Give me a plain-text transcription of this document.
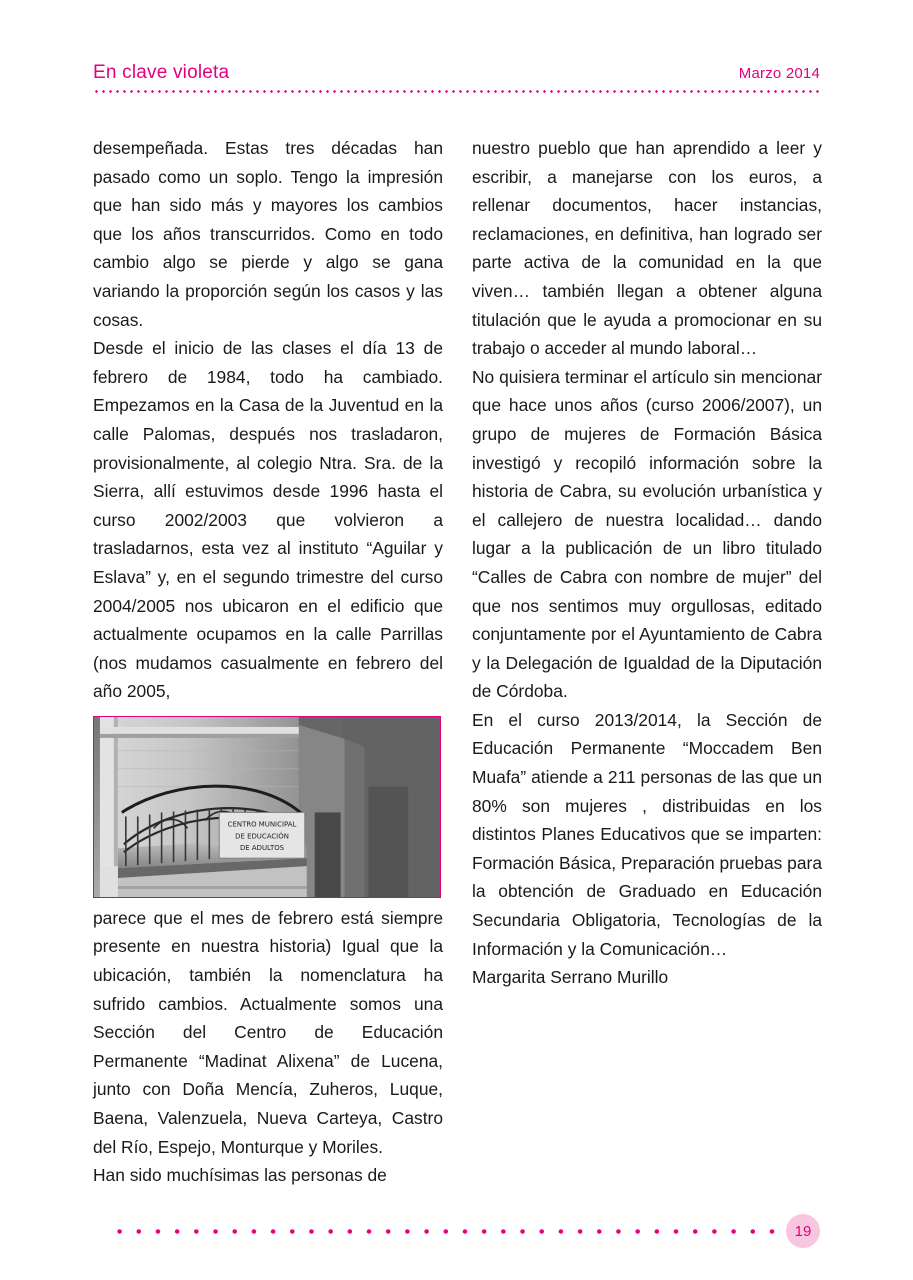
En clave violeta	Marzo 2014

desempeñada. Estas tres décadas han pasado como un soplo. Tengo la impresión que han sido más y mayores los cambios que los años transcurridos. Como en todo cambio algo se pierde y algo se gana variando la proporción según los casos y las cosas.

Desde el inicio de las clases el día 13 de febrero de 1984, todo ha cambiado. Empezamos en la Casa de la Juventud en la calle Palomas, después nos trasladaron, provisionalmente, al colegio Ntra. Sra. de la Sierra, allí estuvimos desde 1996 hasta el curso 2002/2003 que volvieron a trasladarnos, esta vez al instituto “Aguilar y Eslava” y, en el segundo trimestre del curso 2004/2005 nos ubicaron en el edificio que actualmente ocupamos en la calle Parrillas (nos mudamos casualmente en febrero del año 2005,

CENTRO MUNICIPAL
DE EDUCACIÓN
DE ADULTOS

parece que el mes de febrero está siempre presente en nuestra historia) Igual que la ubicación, también la nomenclatura ha sufrido cambios. Actualmente somos una Sección del Centro de Educación Permanente “Madinat Alixena” de Lucena, junto con Doña Mencía, Zuheros, Luque, Baena, Valenzuela, Nueva Carteya, Castro del Río, Espejo, Monturque y Moriles.

Han sido muchísimas las personas de

nuestro pueblo que han aprendido a leer y escribir, a manejarse con los euros, a rellenar documentos, hacer instancias, reclamaciones, en definitiva, han logrado ser parte activa de la comunidad en la que viven… también llegan a obtener alguna titulación que le ayuda a promocionar en su trabajo o acceder al mundo laboral…

No quisiera terminar el artículo sin mencionar que hace unos años (curso 2006/2007), un grupo de mujeres de Formación Básica investigó y recopiló información sobre la historia de Cabra, su evolución urbanística y el callejero de nuestra localidad… dando lugar a la publicación de un libro titulado “Calles de Cabra con nombre de mujer” del que nos sentimos muy orgullosas, editado conjuntamente por el Ayuntamiento de Cabra y la Delegación de Igualdad de la Diputación de Córdoba.

En el curso 2013/2014, la Sección de Educación Permanente “Moccadem Ben Muafa” atiende a 211 personas de las que un 80% son mujeres , distribuidas en los distintos Planes Educativos que se imparten: Formación Básica, Preparación pruebas para la obtención de Graduado en Educación Secundaria Obligatoria, Tecnologías de la Información y la Comunicación…

Margarita Serrano Murillo

19
